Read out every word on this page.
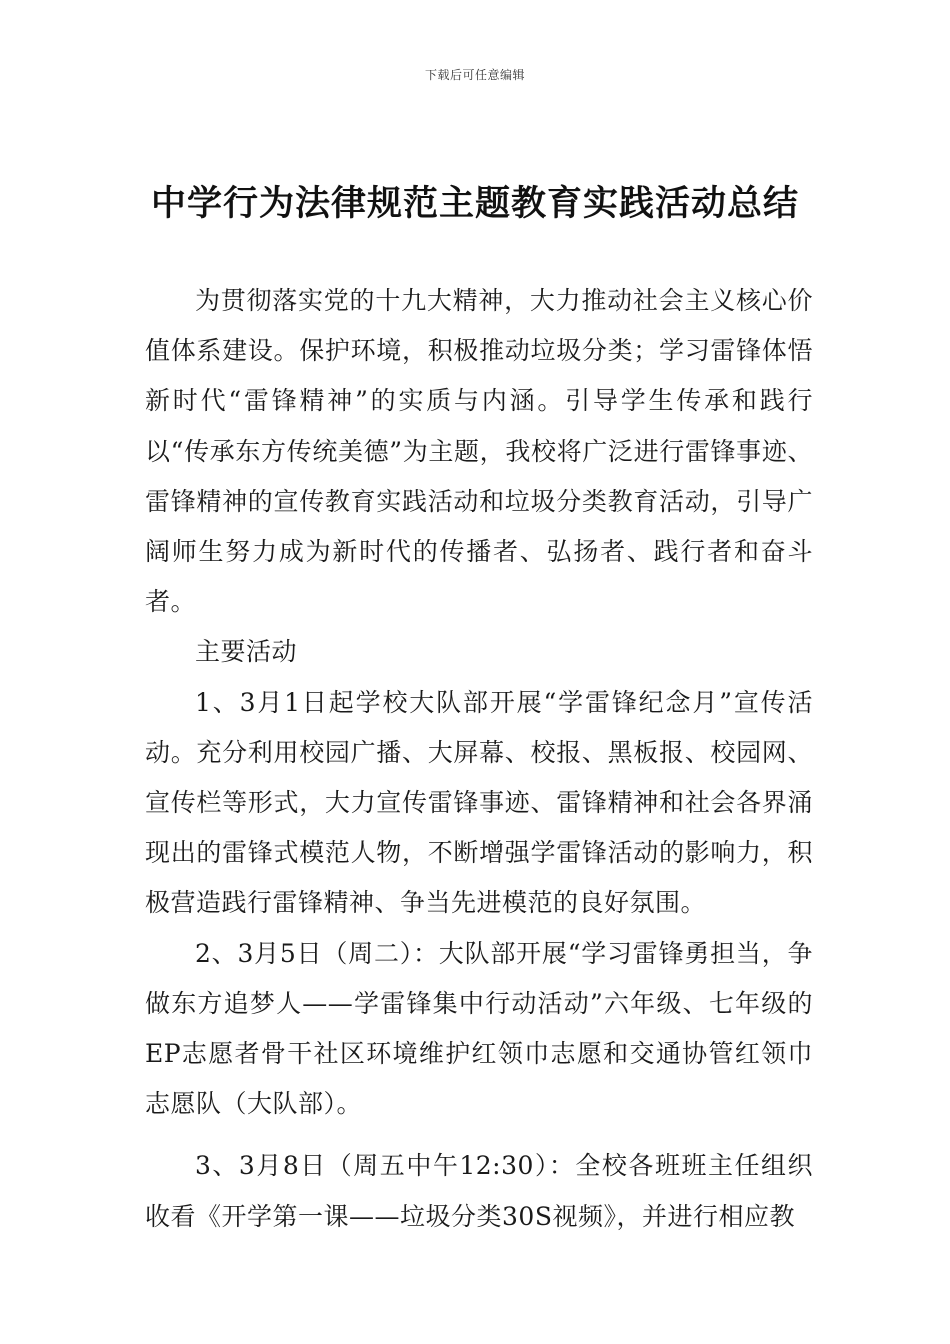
下载后可任意编辑
中学行为法律规范主题教育实践活动总结

为贯彻落实党的十九大精神，大力推动社会主义核心价值体系建设。保护环境，积极推动垃圾分类；学习雷锋体悟新时代“雷锋精神”的实质与内涵。引导学生传承和践行以“传承东方传统美德”为主题，我校将广泛进行雷锋事迹、雷锋精神的宣传教育实践活动和垃圾分类教育活动，引导广阔师生努力成为新时代的传播者、弘扬者、践行者和奋斗者。

主要活动

1、3月1日起学校大队部开展“学雷锋纪念月”宣传活动。充分利用校园广播、大屏幕、校报、黑板报、校园网、宣传栏等形式，大力宣传雷锋事迹、雷锋精神和社会各界涌现出的雷锋式模范人物，不断增强学雷锋活动的影响力，积极营造践行雷锋精神、争当先进模范的良好氛围。

2、3月5日（周二）：大队部开展“学习雷锋勇担当，争做东方追梦人——学雷锋集中行动活动”六年级、七年级的EP志愿者骨干社区环境维护红领巾志愿和交通协管红领巾志愿队（大队部）。

3、3月8日（周五中午12:30）：全校各班班主任组织收看《开学第一课——垃圾分类30S视频》，并进行相应教
